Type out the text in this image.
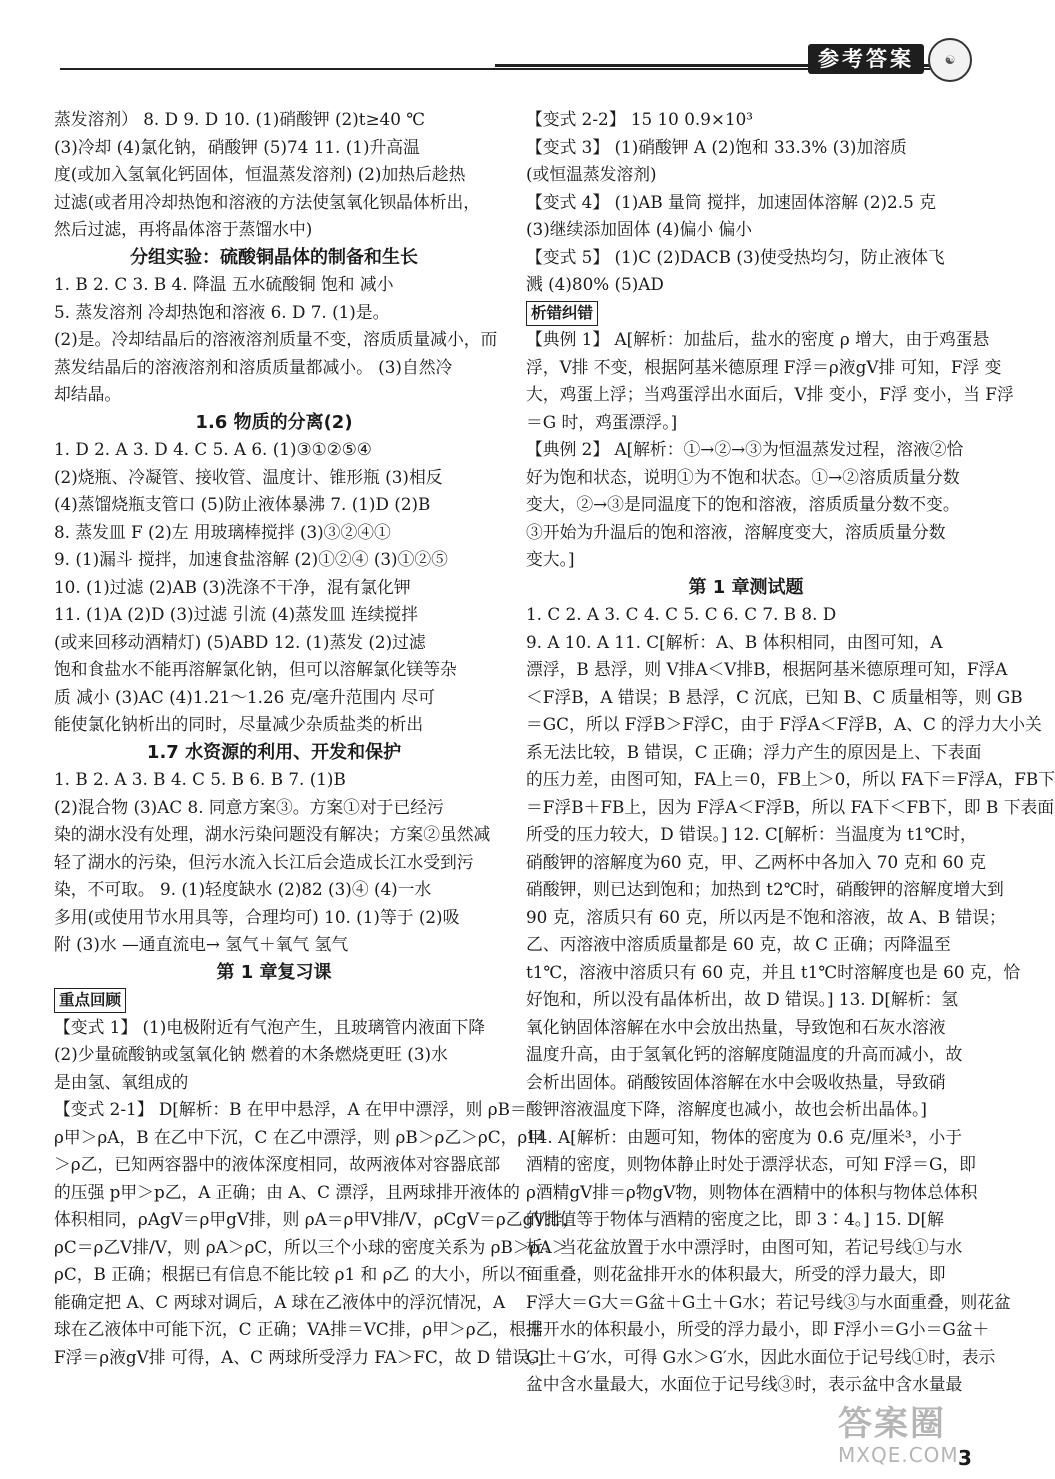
参考答案	☯
蒸发溶剂） 8. D 9. D 10. (1)硝酸钾 (2)t≥40 ℃
(3)冷却 (4)氯化钠，硝酸钾 (5)74 11. (1)升高温
度(或加入氢氧化钙固体，恒温蒸发溶剂) (2)加热后趁热
过滤(或者用冷却热饱和溶液的方法使氢氧化钡晶体析出，
然后过滤，再将晶体溶于蒸馏水中)
分组实验：硫酸铜晶体的制备和生长
1. B 2. C 3. B 4. 降温 五水硫酸铜 饱和 减小
5. 蒸发溶剂 冷却热饱和溶液 6. D 7. (1)是。
(2)是。冷却结晶后的溶液溶剂质量不变，溶质质量减小，而
蒸发结晶后的溶液溶剂和溶质质量都减小。 (3)自然冷
却结晶。
1.6 物质的分离(2)
1. D 2. A 3. D 4. C 5. A 6. (1)③①②⑤④
(2)烧瓶、冷凝管、接收管、温度计、锥形瓶 (3)相反
(4)蒸馏烧瓶支管口 (5)防止液体暴沸 7. (1)D (2)B
8. 蒸发皿 F (2)左 用玻璃棒搅拌 (3)③②④①
9. (1)漏斗 搅拌，加速食盐溶解 (2)①②④ (3)①②⑤
10. (1)过滤 (2)AB (3)洗涤不干净，混有氯化钾
11. (1)A (2)D (3)过滤 引流 (4)蒸发皿 连续搅拌
(或来回移动酒精灯) (5)ABD 12. (1)蒸发 (2)过滤
饱和食盐水不能再溶解氯化钠，但可以溶解氯化镁等杂
质 减小 (3)AC (4)1.21～1.26 克/毫升范围内 尽可
能使氯化钠析出的同时，尽量减少杂质盐类的析出
1.7 水资源的利用、开发和保护
1. B 2. A 3. B 4. C 5. B 6. B 7. (1)B
(2)混合物 (3)AC 8. 同意方案③。方案①对于已经污
染的湖水没有处理，湖水污染问题没有解决；方案②虽然减
轻了湖水的污染，但污水流入长江后会造成长江水受到污
染，不可取。 9. (1)轻度缺水 (2)82 (3)④ (4)一水
多用(或使用节水用具等，合理均可) 10. (1)等于 (2)吸
附 (3)水 —通直流电→ 氢气＋氧气 氢气
第 1 章复习课
重点回顾
【变式 1】 (1)电极附近有气泡产生，且玻璃管内液面下降
(2)少量硫酸钠或氢氧化钠 燃着的木条燃烧更旺 (3)水
是由氢、氧组成的
【变式 2-1】 D[解析：B 在甲中悬浮，A 在甲中漂浮，则 ρB＝
ρ甲＞ρA，B 在乙中下沉，C 在乙中漂浮，则 ρB＞ρ乙＞ρC，ρ甲
＞ρ乙，已知两容器中的液体深度相同，故两液体对容器底部
的压强 p甲＞p乙，A 正确；由 A、C 漂浮，且两球排开液体的
体积相同，ρAgV＝ρ甲gV排，则 ρA＝ρ甲V排/V，ρCgV＝ρ乙gV排，
ρC＝ρ乙V排/V，则 ρA＞ρC，所以三个小球的密度关系为 ρB＞ρA＞
ρC，B 正确；根据已有信息不能比较 ρ1 和 ρ乙 的大小，所以不
能确定把 A、C 两球对调后，A 球在乙液体中的浮沉情况，A
球在乙液体中可能下沉，C 正确；VA排＝VC排，ρ甲＞ρ乙，根据
F浮＝ρ液gV排 可得，A、C 两球所受浮力 FA＞FC，故 D 错误。]
【变式 2-2】 15 10 0.9×10³
【变式 3】 (1)硝酸钾 A (2)饱和 33.3% (3)加溶质
(或恒温蒸发溶剂)
【变式 4】 (1)AB 量筒 搅拌，加速固体溶解 (2)2.5 克
(3)继续添加固体 (4)偏小 偏小
【变式 5】 (1)C (2)DACB (3)使受热均匀，防止液体飞
溅 (4)80% (5)AD
析错纠错
【典例 1】 A[解析：加盐后，盐水的密度 ρ 增大，由于鸡蛋悬
浮，V排 不变，根据阿基米德原理 F浮＝ρ液gV排 可知，F浮 变
大，鸡蛋上浮；当鸡蛋浮出水面后，V排 变小，F浮 变小，当 F浮
＝G 时，鸡蛋漂浮。]
【典例 2】 A[解析：①→②→③为恒温蒸发过程，溶液②恰
好为饱和状态，说明①为不饱和状态。①→②溶质质量分数
变大，②→③是同温度下的饱和溶液，溶质质量分数不变。
③开始为升温后的饱和溶液，溶解度变大，溶质质量分数
变大。]
第 1 章测试题
1. C 2. A 3. C 4. C 5. C 6. C 7. B 8. D
9. A 10. A 11. C[解析：A、B 体积相同，由图可知，A
漂浮，B 悬浮，则 V排A＜V排B，根据阿基米德原理可知，F浮A
＜F浮B，A 错误；B 悬浮，C 沉底，已知 B、C 质量相等，则 GB
＝GC，所以 F浮B＞F浮C，由于 F浮A＜F浮B，A、C 的浮力大小关
系无法比较，B 错误，C 正确；浮力产生的原因是上、下表面
的压力差，由图可知，FA上＝0，FB上＞0，所以 FA下＝F浮A，FB下
＝F浮B＋FB上，因为 F浮A＜F浮B，所以 FA下＜FB下，即 B 下表面
所受的压力较大，D 错误。] 12. C[解析：当温度为 t1℃时，
硝酸钾的溶解度为60 克，甲、乙两杯中各加入 70 克和 60 克
硝酸钾，则已达到饱和；加热到 t2℃时，硝酸钾的溶解度增大到
90 克，溶质只有 60 克，所以丙是不饱和溶液，故 A、B 错误；
乙、丙溶液中溶质质量都是 60 克，故 C 正确；丙降温至
t1℃，溶液中溶质只有 60 克，并且 t1℃时溶解度也是 60 克，恰
好饱和，所以没有晶体析出，故 D 错误。] 13. D[解析：氢
氧化钠固体溶解在水中会放出热量，导致饱和石灰水溶液
温度升高，由于氢氧化钙的溶解度随温度的升高而减小，故
会析出固体。硝酸铵固体溶解在水中会吸收热量，导致硝
酸钾溶液温度下降，溶解度也减小，故也会析出晶体。]
14. A[解析：由题可知，物体的密度为 0.6 克/厘米³，小于
酒精的密度，则物体静止时处于漂浮状态，可知 F浮＝G，即
ρ酒精gV排＝ρ物gV物，则物体在酒精中的体积与物体总体积
的比值等于物体与酒精的密度之比，即 3∶4。] 15. D[解
析：当花盆放置于水中漂浮时，由图可知，若记号线①与水
面重叠，则花盆排开水的体积最大，所受的浮力最大，即
F浮大＝G大＝G盆＋G土＋G水；若记号线③与水面重叠，则花盆
排开水的体积最小，所受的浮力最小，即 F浮小＝G小＝G盆＋
G土＋G′水，可得 G水＞G′水，因此水面位于记号线①时，表示
盆中含水量最大，水面位于记号线③时，表示盆中含水量最
答案圈
MXQE.COM 3
